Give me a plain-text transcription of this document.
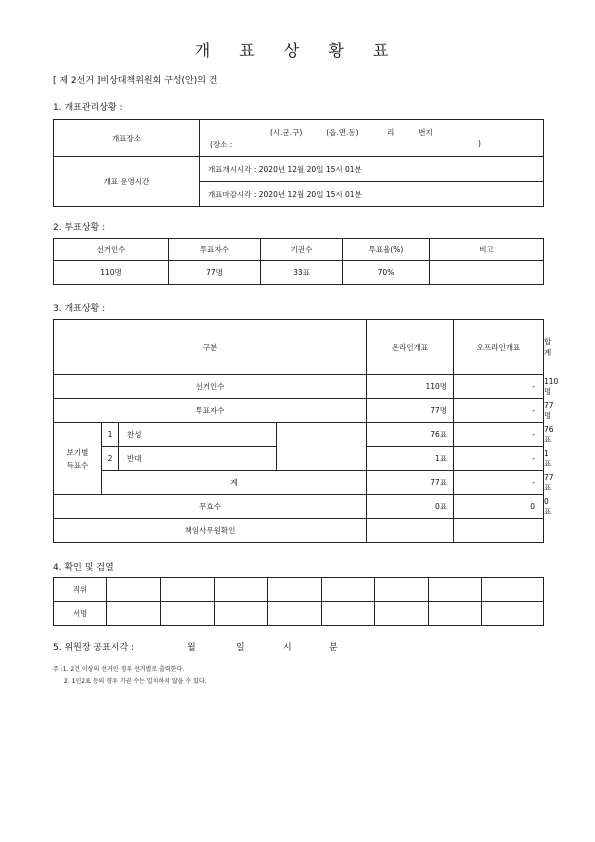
개 표 상 황 표
[ 제 2선거 ]비상대책위원회 구성(안)의 건
1. 개표관리상황 :
개표장소	(시.군.구)          (읍.면.동)            리          번지
(장소 : )

개표 운영시간	개표개시시각 : 2020년 12월 20일 15시 01분
	개표마감시각 : 2020년 12월 20일 15시 01분
2. 투표상황 :
선거인수	투표자수	기권수	투표율(%)	비고
110명	77명	33표	70%	
3. 개표상황 :
구분				온라인개표	오프라인개표	합계
선거인수				110명	-	110명
투표자수				77명	-	77명

보기별
득표수	1	찬성		76표	-	76표
	2	반대		1표	-	1표
	계			77표	-	77표
무효수				0표	0	0표
책임사무원확인						
4. 확인 및 검열
직위								
서명								
5. 위원장 공표시각 :	월	일	시	분
주 :1. 2건 이상의 선거인 경우 선거별로 출력한다.
2. 1인2표 등의 경우 기권 수는 일치하지 않을 수 있다.
